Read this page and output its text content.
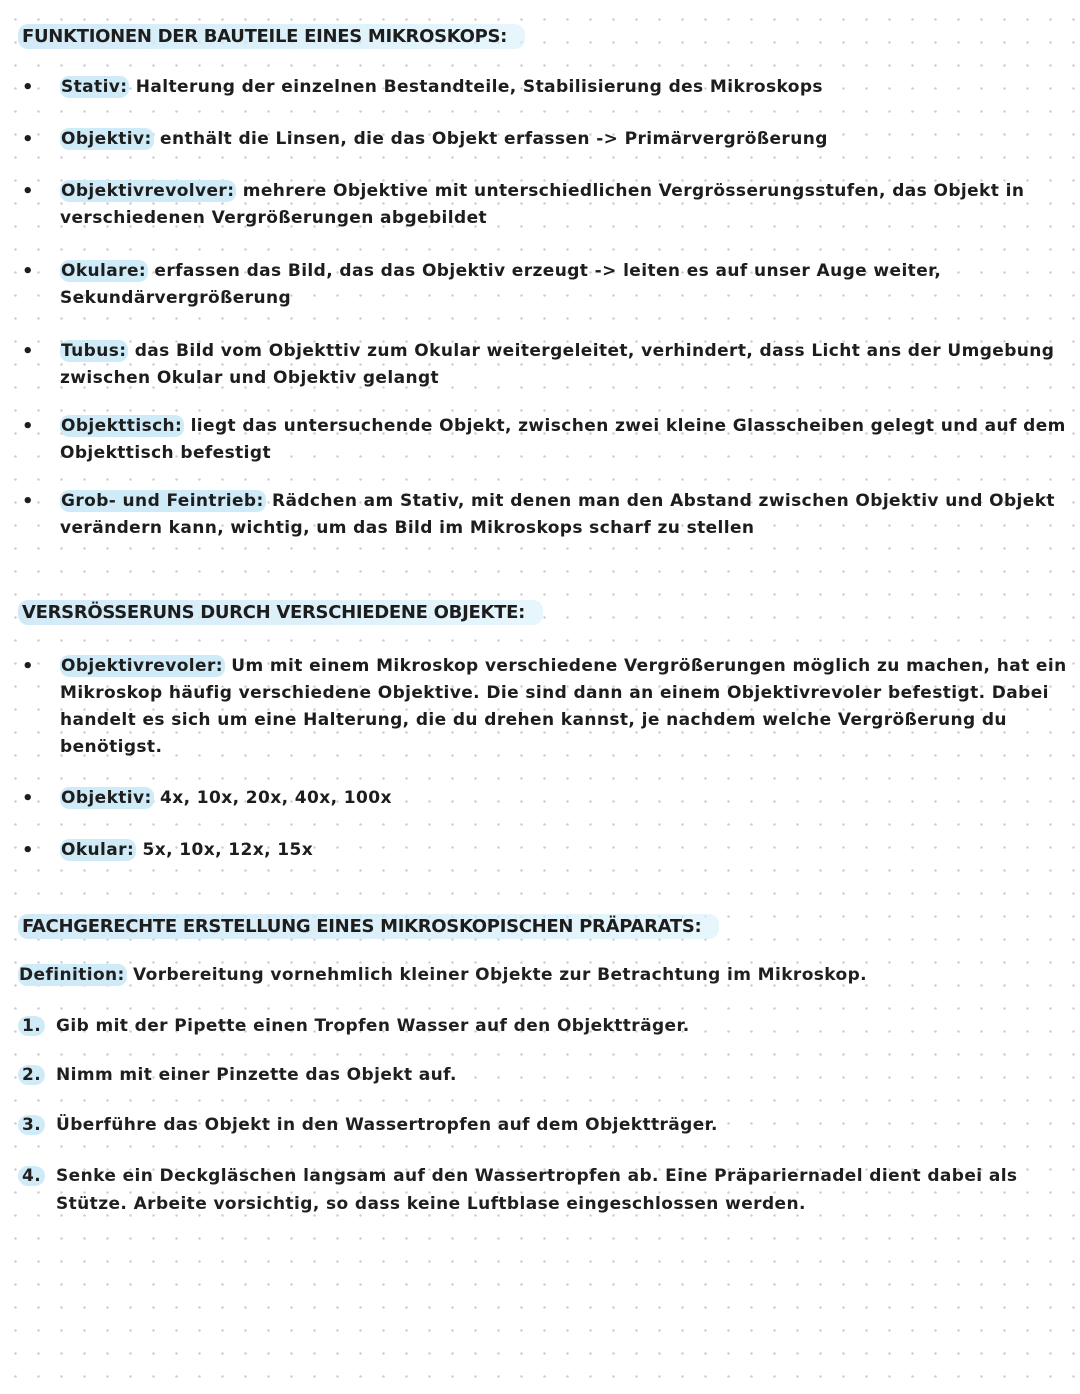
FUNKTIONEN DER BAUTEILE EINES MIKROSKOPS:
• Stativ: Halterung der einzelnen Bestandteile, Stabilisierung des Mikroskops
• Objektiv: enthält die Linsen, die das Objekt erfassen -> Primärvergrößerung
• Objektivrevolver: mehrere Objektive mit unterschiedlichen Vergrösserungsstufen, das Objekt in verschiedenen Vergrößerungen abgebildet
• Okulare: erfassen das Bild, das das Objektiv erzeugt -> leiten es auf unser Auge weiter, Sekundärvergrößerung
• Tubus: das Bild vom Objekttiv zum Okular weitergeleitet, verhindert, dass Licht ans der Umgebung zwischen Okular und Objektiv gelangt
• Objekttisch: liegt das untersuchende Objekt, zwischen zwei kleine Glasscheiben gelegt und auf dem Objekttisch befestigt
• Grob- und Feintrieb: Rädchen am Stativ, mit denen man den Abstand zwischen Objektiv und Objekt verändern kann, wichtig, um das Bild im Mikroskops scharf zu stellen
VERSRÖSSERUNS DURCH VERSCHIEDENE OBJEKTE:
• Objektivrevoler: Um mit einem Mikroskop verschiedene Vergrößerungen möglich zu machen, hat ein Mikroskop häufig verschiedene Objektive. Die sind dann an einem Objektivrevoler befestigt. Dabei handelt es sich um eine Halterung, die du drehen kannst, je nachdem welche Vergrößerung du benötigst.
• Objektiv: 4x, 10x, 20x, 40x, 100x
• Okular: 5x, 10x, 12x, 15x
FACHGERECHTE ERSTELLUNG EINES MIKROSKOPISCHEN PRÄPARATS:
Definition: Vorbereitung vornehmlich kleiner Objekte zur Betrachtung im Mikroskop.
1. Gib mit der Pipette einen Tropfen Wasser auf den Objektträger.
2. Nimm mit einer Pinzette das Objekt auf.
3. Überführe das Objekt in den Wassertropfen auf dem Objektträger.
4. Senke ein Deckgläschen langsam auf den Wassertropfen ab. Eine Präpariernadel dient dabei als Stütze. Arbeite vorsichtig, so dass keine Luftblase eingeschlossen werden.
